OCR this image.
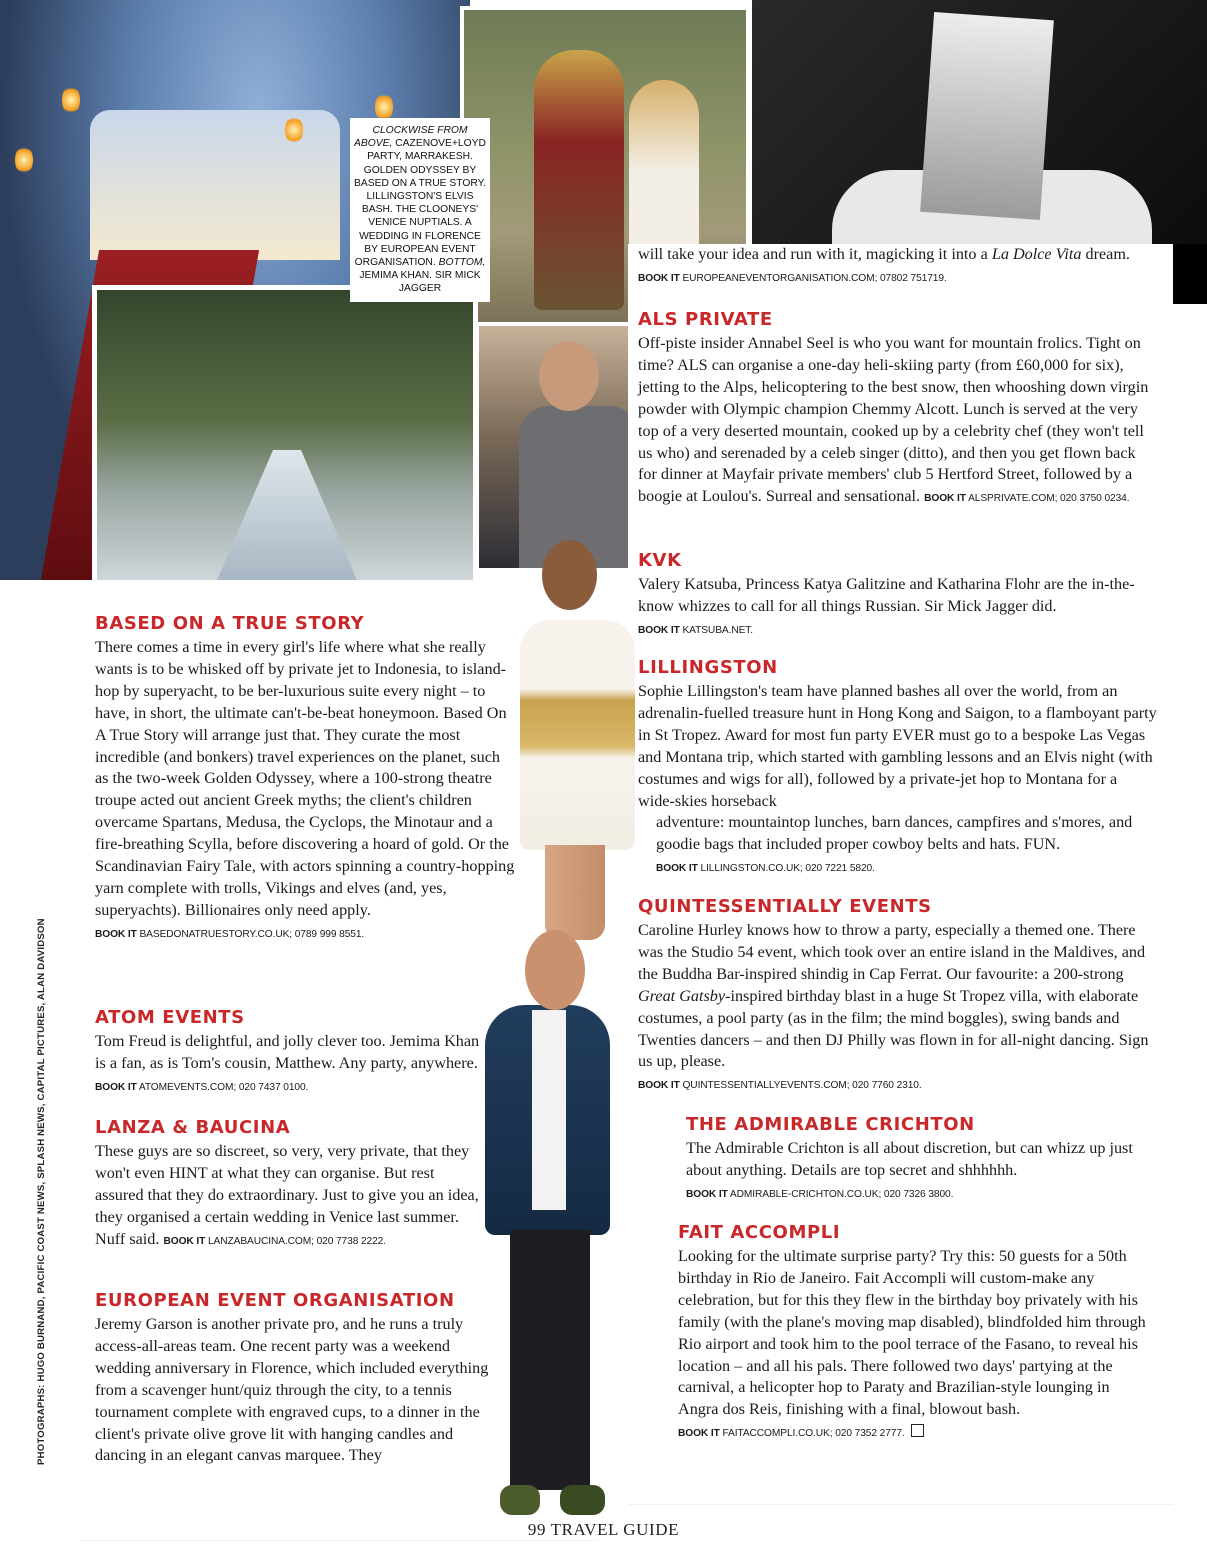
CLOCKWISE FROM ABOVE, CAZENOVE+LOYD PARTY, MARRAKESH. GOLDEN ODYSSEY BY BASED ON A TRUE STORY. LILLINGSTON'S ELVIS BASH. THE CLOONEYS' VENICE NUPTIALS. A WEDDING IN FLORENCE BY EUROPEAN EVENT ORGANISATION. BOTTOM, JEMIMA KHAN. SIR MICK JAGGER
BASED ON A TRUE STORY

There comes a time in every girl's life where what she really wants is to be whisked off by private jet to Indonesia, to island-hop by superyacht, to be ber-luxurious suite every night – to have, in short, the ultimate can't-be-beat honeymoon. Based On A True Story will arrange just that. They curate the most incredible (and bonkers) travel experiences on the planet, such as the two-week Golden Odyssey, where a 100-strong theatre troupe acted out ancient Greek myths; the client's children overcame Spartans, Medusa, the Cyclops, the Minotaur and a fire-breathing Scylla, before discovering a hoard of gold. Or the Scandinavian Fairy Tale, with actors spinning a country-hopping yarn complete with trolls, Vikings and elves (and, yes, superyachts). Billionaires only need apply.
BOOK IT BASEDONATRUESTORY.CO.UK; 0789 999 8551.

ATOM EVENTS

Tom Freud is delightful, and jolly clever too. Jemima Khan is a fan, as is Tom's cousin, Matthew. Any party, anywhere. BOOK IT ATOMEVENTS.COM; 020 7437 0100.

LANZA & BAUCINA

These guys are so discreet, so very, very private, that they won't even HINT at what they can organise. But rest assured that they do extraordinary. Just to give you an idea, they organised a certain wedding in Venice last summer. Nuff said. BOOK IT LANZABAUCINA.COM; 020 7738 2222.

EUROPEAN EVENT ORGANISATION

Jeremy Garson is another private pro, and he runs a truly access-all-areas team. One recent party was a weekend wedding anniversary in Florence, which included everything from a scavenger hunt/quiz through the city, to a tennis tournament complete with engraved cups, to a dinner in the client's private olive grove lit with hanging candles and dancing in an elegant canvas marquee. They

will take your idea and run with it, magicking it into a La Dolce Vita dream. BOOK IT EUROPEANEVENTORGANISATION.COM; 07802 751719.

ALS PRIVATE

Off-piste insider Annabel Seel is who you want for mountain frolics. Tight on time? ALS can organise a one-day heli-skiing party (from £60,000 for six), jetting to the Alps, helicoptering to the best snow, then whooshing down virgin powder with Olympic champion Chemmy Alcott. Lunch is served at the very top of a very deserted mountain, cooked up by a celebrity chef (they won't tell us who) and serenaded by a celeb singer (ditto), and then you get flown back for dinner at Mayfair private members' club 5 Hertford Street, followed by a boogie at Loulou's. Surreal and sensational. BOOK IT ALSPRIVATE.COM; 020 3750 0234.

KVK

Valery Katsuba, Princess Katya Galitzine and Katharina Flohr are the in-the-know whizzes to call for all things Russian. Sir Mick Jagger did.
BOOK IT KATSUBA.NET.

LILLINGSTON

Sophie Lillingston's team have planned bashes all over the world, from an adrenalin-fuelled treasure hunt in Hong Kong and Saigon, to a flamboyant party in St Tropez. Award for most fun party EVER must go to a bespoke Las Vegas and Montana trip, which started with gambling lessons and an Elvis night (with costumes and wigs for all), followed by a private-jet hop to Montana for a wide-skies horseback

adventure: mountaintop lunches, barn dances, campfires and s'mores, and goodie bags that included proper cowboy belts and hats. FUN.
BOOK IT LILLINGSTON.CO.UK; 020 7221 5820.

QUINTESSENTIALLY EVENTS

Caroline Hurley knows how to throw a party, especially a themed one. There was the Studio 54 event, which took over an entire island in the Maldives, and the Buddha Bar-inspired shindig in Cap Ferrat. Our favourite: a 200-strong Great Gatsby-inspired birthday blast in a huge St Tropez villa, with elaborate costumes, a pool party (as in the film; the mind boggles), swing bands and Twenties dancers – and then DJ Philly was flown in for all-night dancing. Sign us up, please.
BOOK IT QUINTESSENTIALLYEVENTS.COM; 020 7760 2310.

THE ADMIRABLE CRICHTON

The Admirable Crichton is all about discretion, but can whizz up just about anything. Details are top secret and shhhhhh.
BOOK IT ADMIRABLE-CRICHTON.CO.UK; 020 7326 3800.

FAIT ACCOMPLI

Looking for the ultimate surprise party? Try this: 50 guests for a 50th birthday in Rio de Janeiro. Fait Accompli will custom-make any celebration, but for this they flew in the birthday boy privately with his family (with the plane's moving map disabled), blindfolded him through Rio airport and took him to the pool terrace of the Fasano, to reveal his location – and all his pals. There followed two days' partying at the carnival, a helicopter hop to Paraty and Brazilian-style lounging in Angra dos Reis, finishing with a final, blowout bash.
BOOK IT FAITACCOMPLI.CO.UK; 020 7352 2777.

PHOTOGRAPHS: HUGO BURNAND, PACIFIC COAST NEWS, SPLASH NEWS, CAPITAL PICTURES, ALAN DAVIDSON
99 TRAVEL GUIDE
